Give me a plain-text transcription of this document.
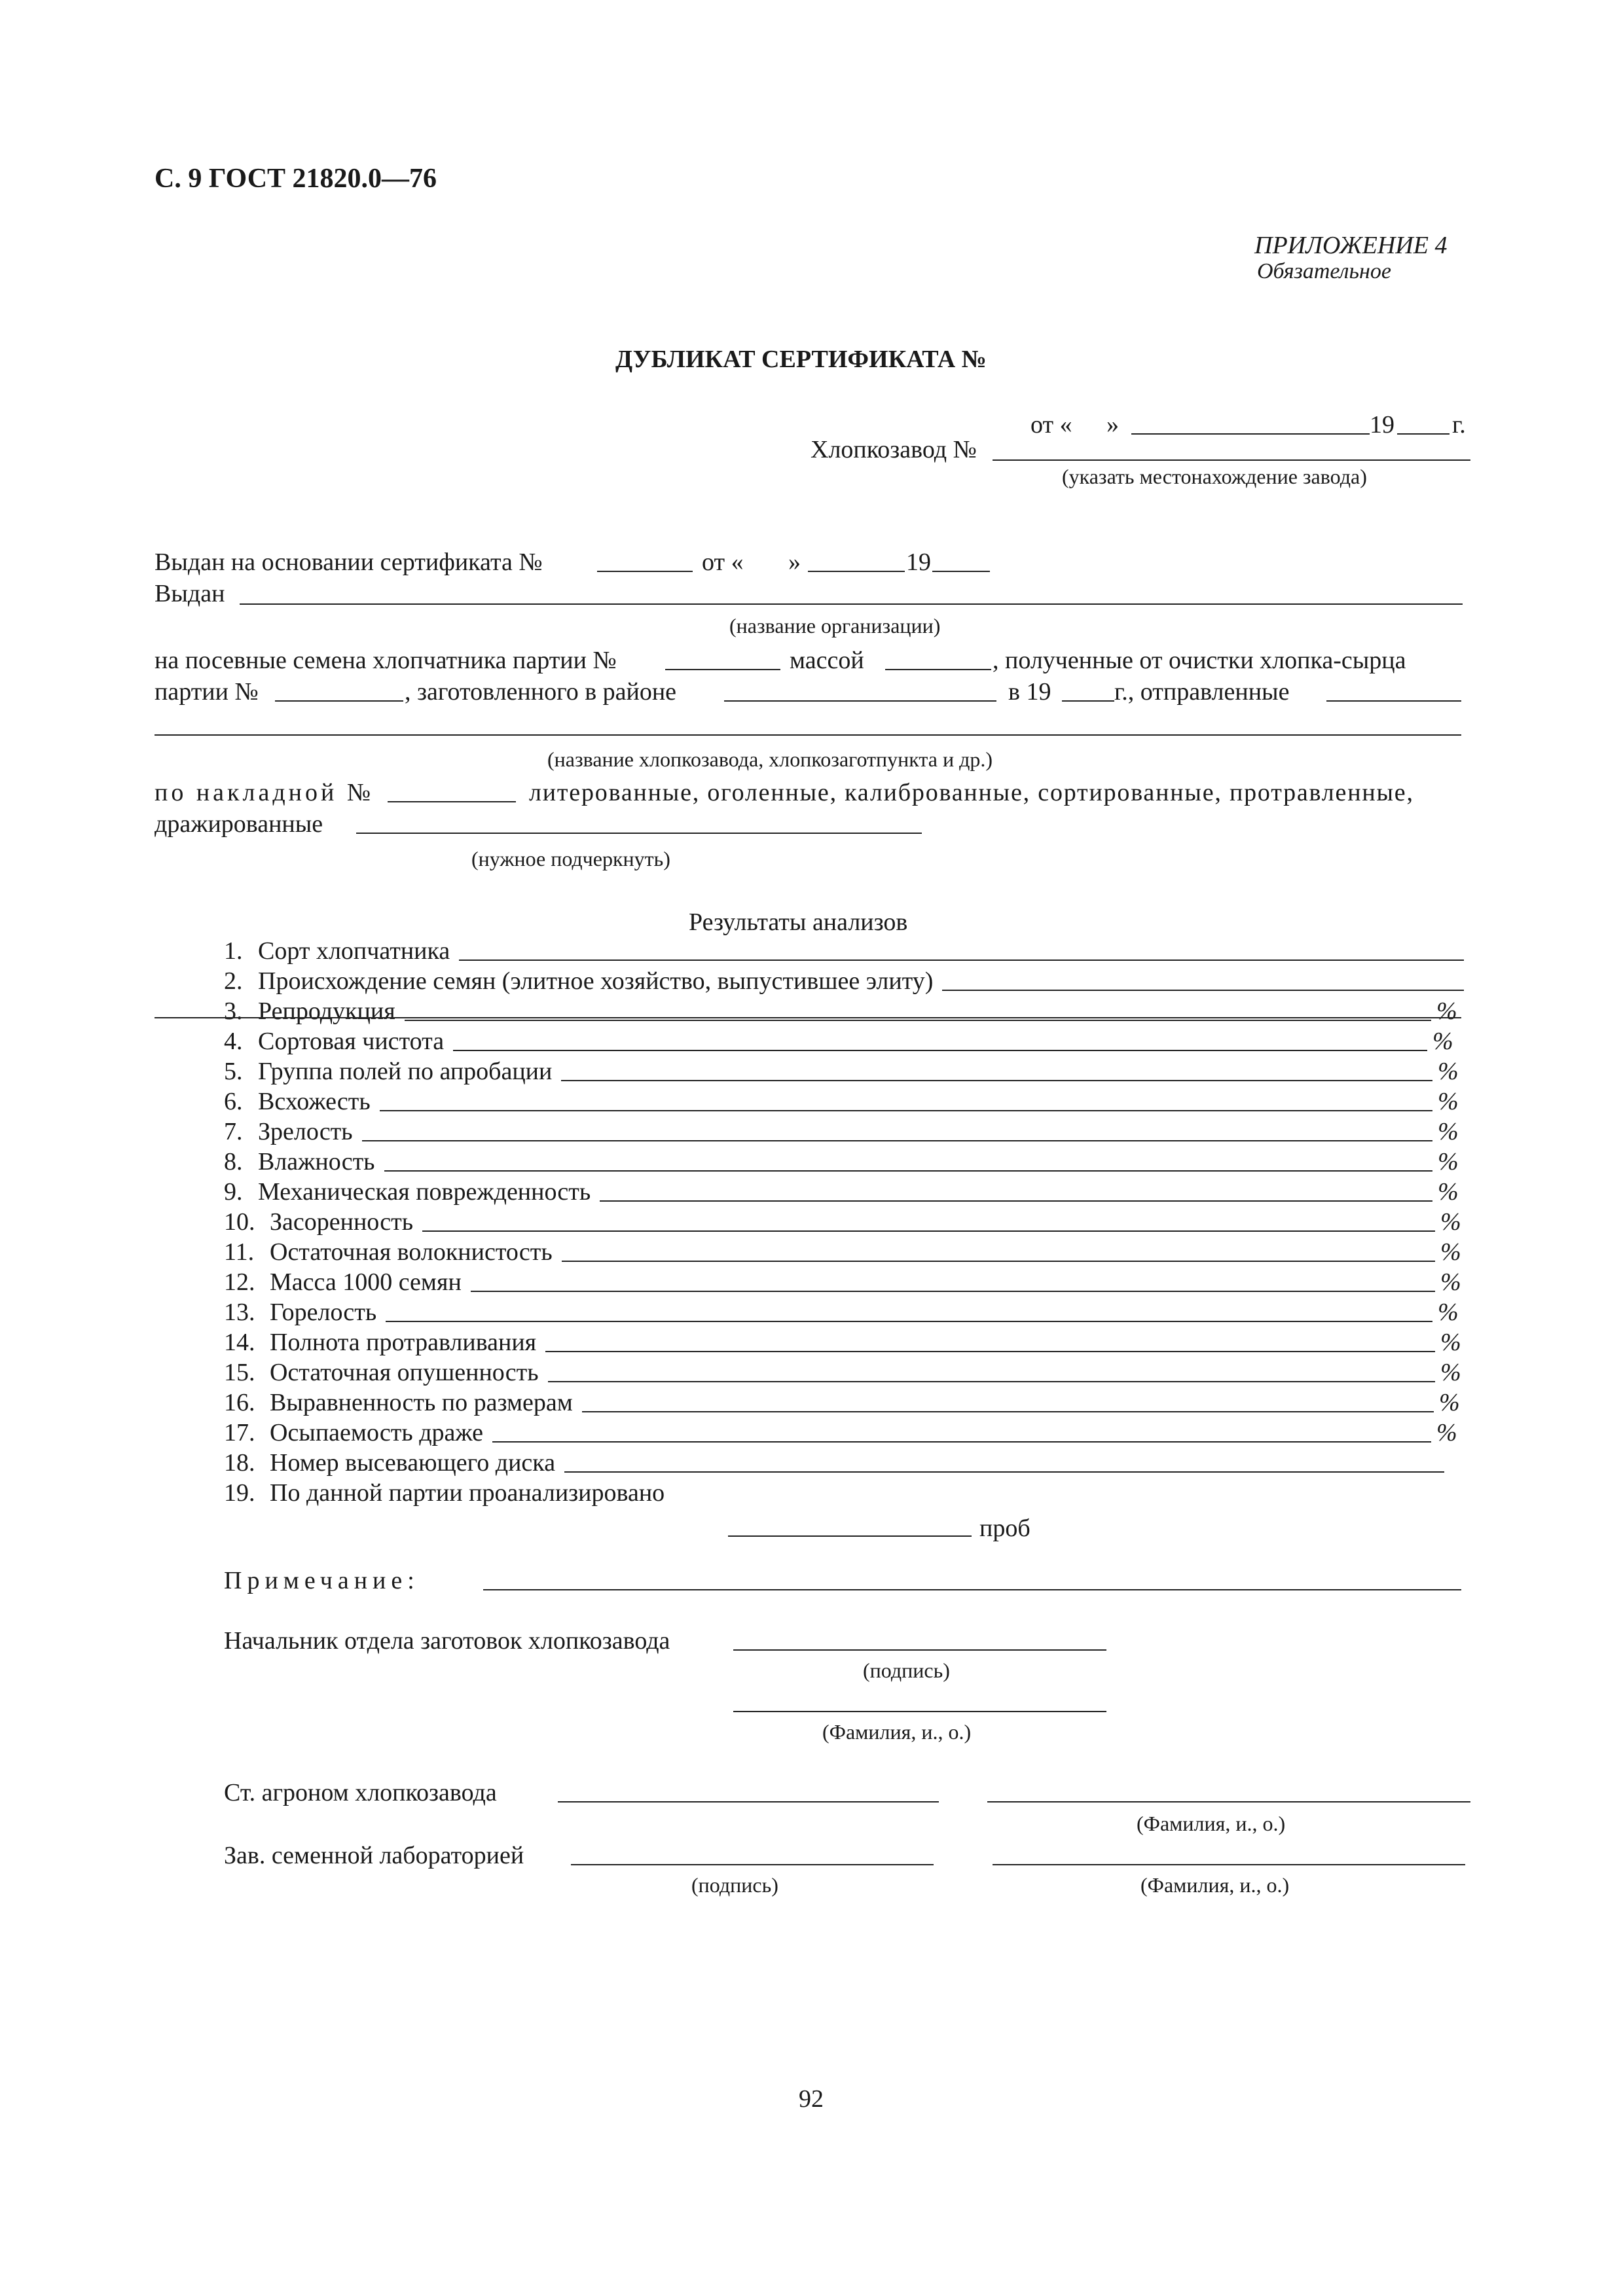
С. 9 ГОСТ 21820.0—76
ПРИЛОЖЕНИЕ 4
Обязательное
ДУБЛИКАТ СЕРТИФИКАТА №
от « »	19 г.
Хлопкозавод №
(указать местонахождение завода)
Выдан на основании сертификата №	от « »	19
Выдан
(название организации)
на посевные семена хлопчатника партии №	массой	, полученные от очистки хлопка-сырца
партии №	, заготовленного в районе	в 19	г., отправленные
(название хлопкозавода, хлопкозаготпункта и др.)
по накладной №	литерованные, оголенные, калиброванные, сортированные, протравленные,
дражированные
(нужное подчеркнуть)
Результаты анализов
1. Сорт хлопчатника
2. Происхождение семян (элитное хозяйство, выпустившее элиту)
3. Репродукция	%
4. Сортовая чистота	%
5. Группа полей по апробации	%
6. Всхожесть	%
7. Зрелость	%
8. Влажность	%
9. Механическая поврежденность	%
10. Засоренность	%
11. Остаточная волокнистость	%
12. Масса 1000 семян	%
13. Горелость	%
14. Полнота протравливания	%
15. Остаточная опушенность	%
16. Выравненность по размерам	%
17. Осыпаемость драже	%
18. Номер высевающего диска
19. По данной партии проанализировано
проб
Примечание:
Начальник отдела заготовок хлопкозавода
(подпись)
(Фамилия, и., о.)
Ст. агроном хлопкозавода
(Фамилия, и., о.)
Зав. семенной лабораторией
(подпись)	(Фамилия, и., о.)
92
